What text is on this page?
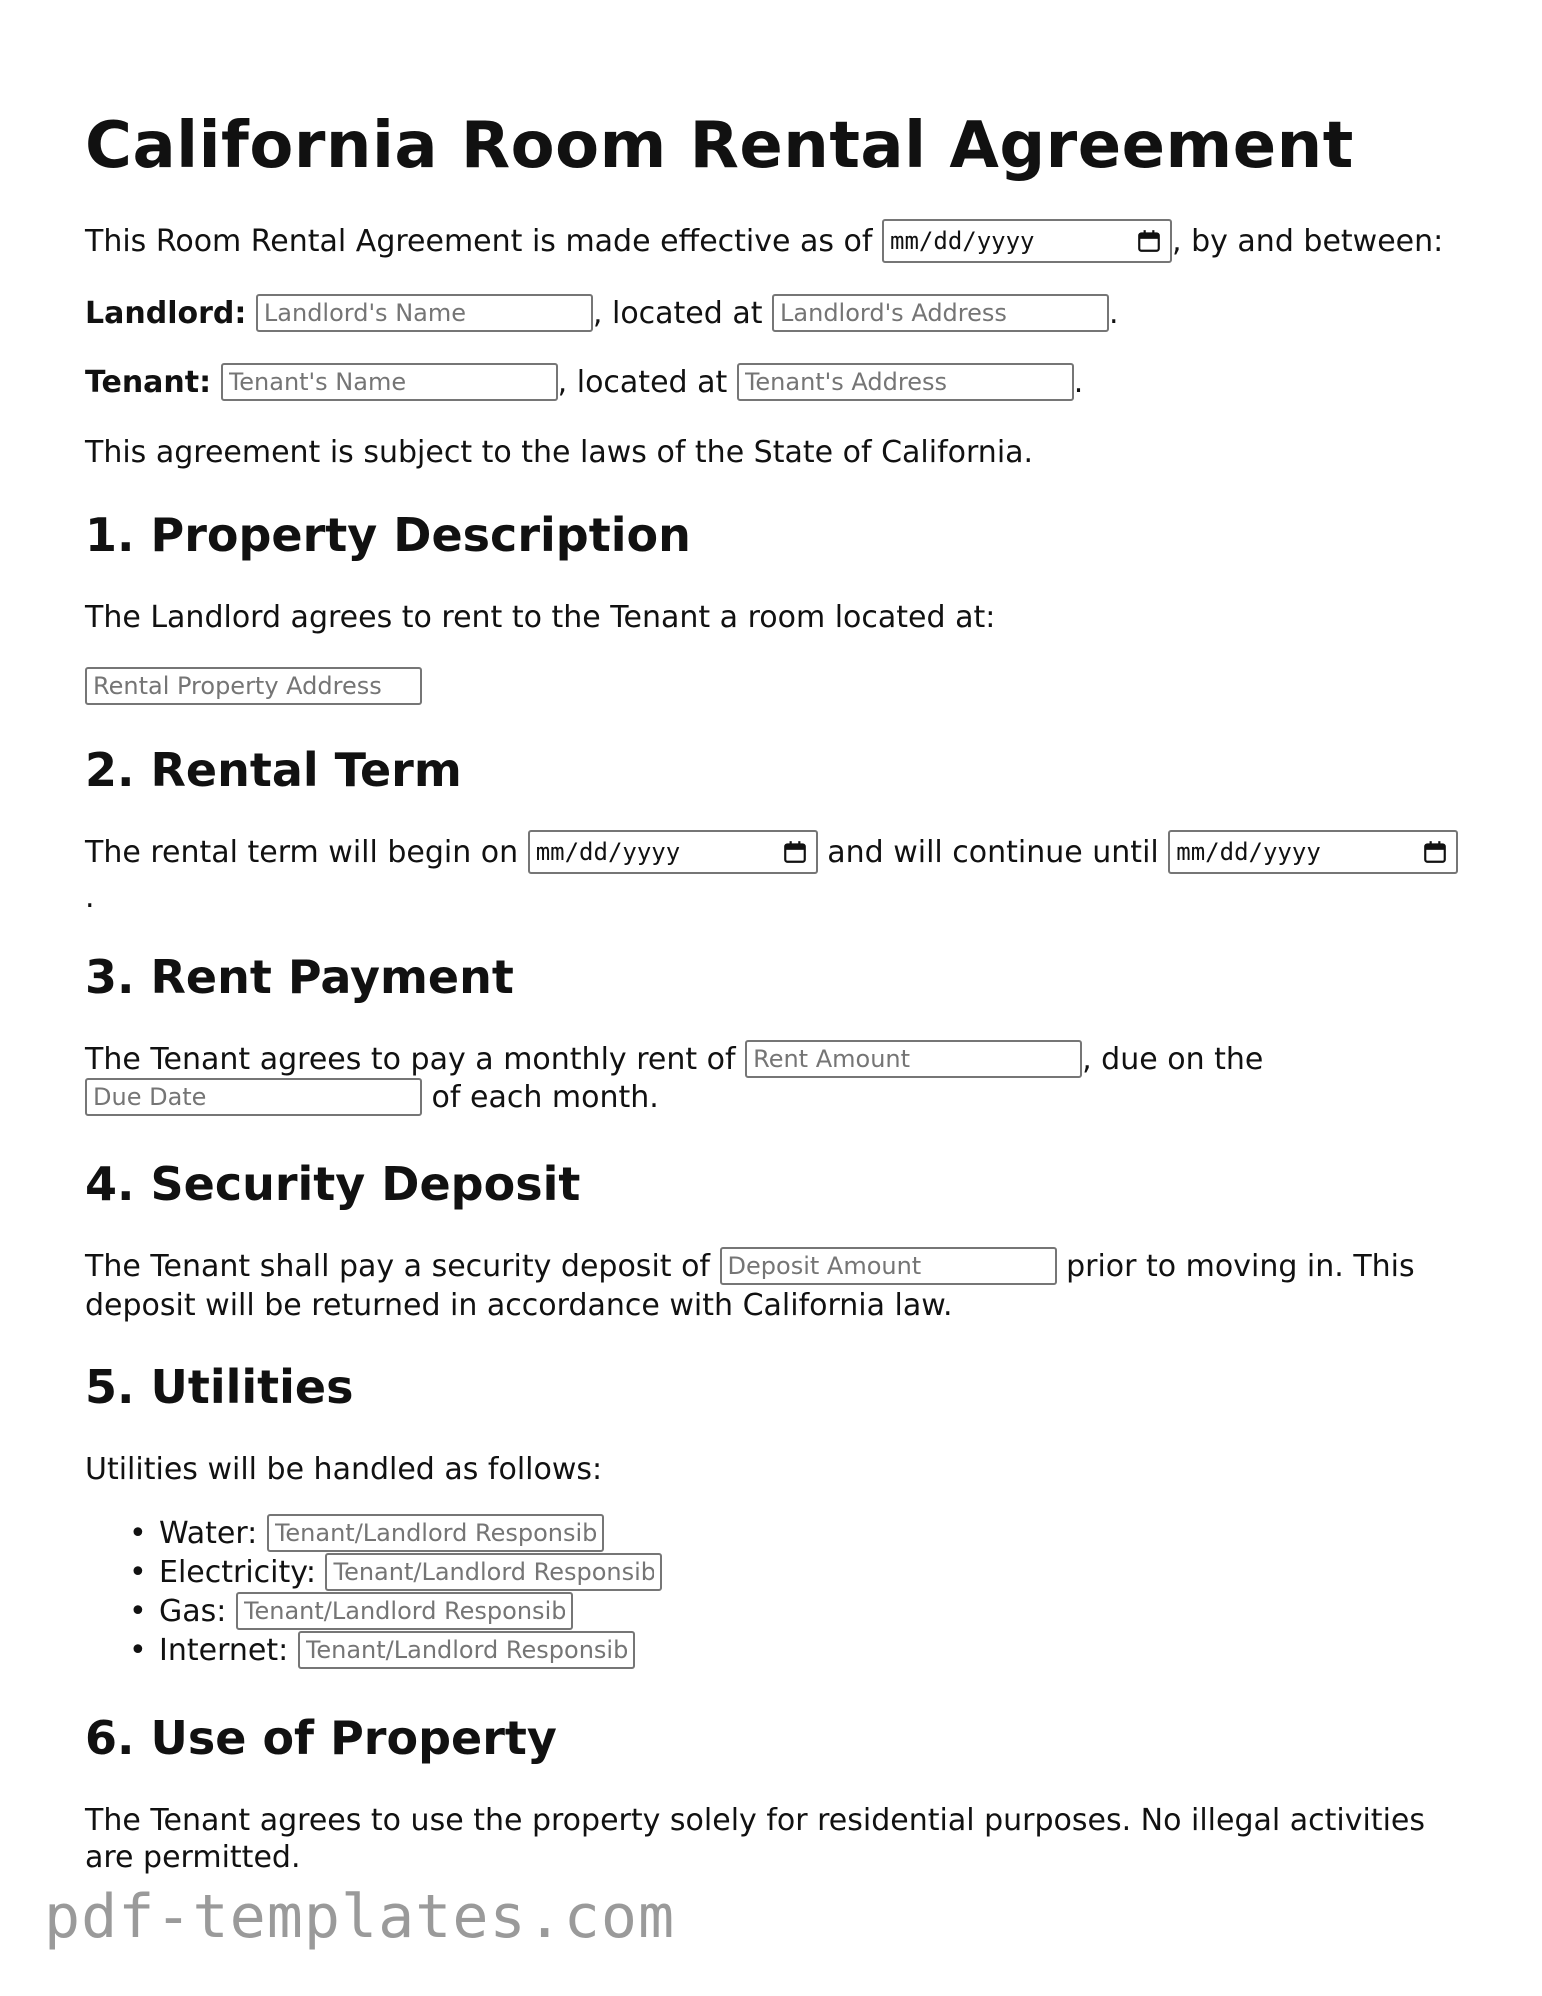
California Room Rental Agreement
This Room Rental Agreement is made effective as of mm/dd/yyyy	, by and between:
Landlord: Landlord's Name	, located at Landlord's Address	.
Tenant: Tenant's Name	, located at Tenant's Address	.
This agreement is subject to the laws of the State of California.
1. Property Description
The Landlord agrees to rent to the Tenant a room located at:
Rental Property Address
2. Rental Term
The rental term will begin on mm/dd/yyyy	and will continue until mm/dd/yyyy
.
3. Rent Payment
The Tenant agrees to pay a monthly rent of Rent Amount	, due on the
Due Date of each month.
4. Security Deposit
The Tenant shall pay a security deposit of Deposit Amount	prior to moving in. This
deposit will be returned in accordance with California law.
5. Utilities
Utilities will be handled as follows:
• Water: Tenant/Landlord Responsibility
• Electricity: Tenant/Landlord Responsibility
• Gas: Tenant/Landlord Responsibility
• Internet: Tenant/Landlord Responsibility
6. Use of Property
The Tenant agrees to use the property solely for residential purposes. No illegal activities
are permitted.
pdf-templates.com
